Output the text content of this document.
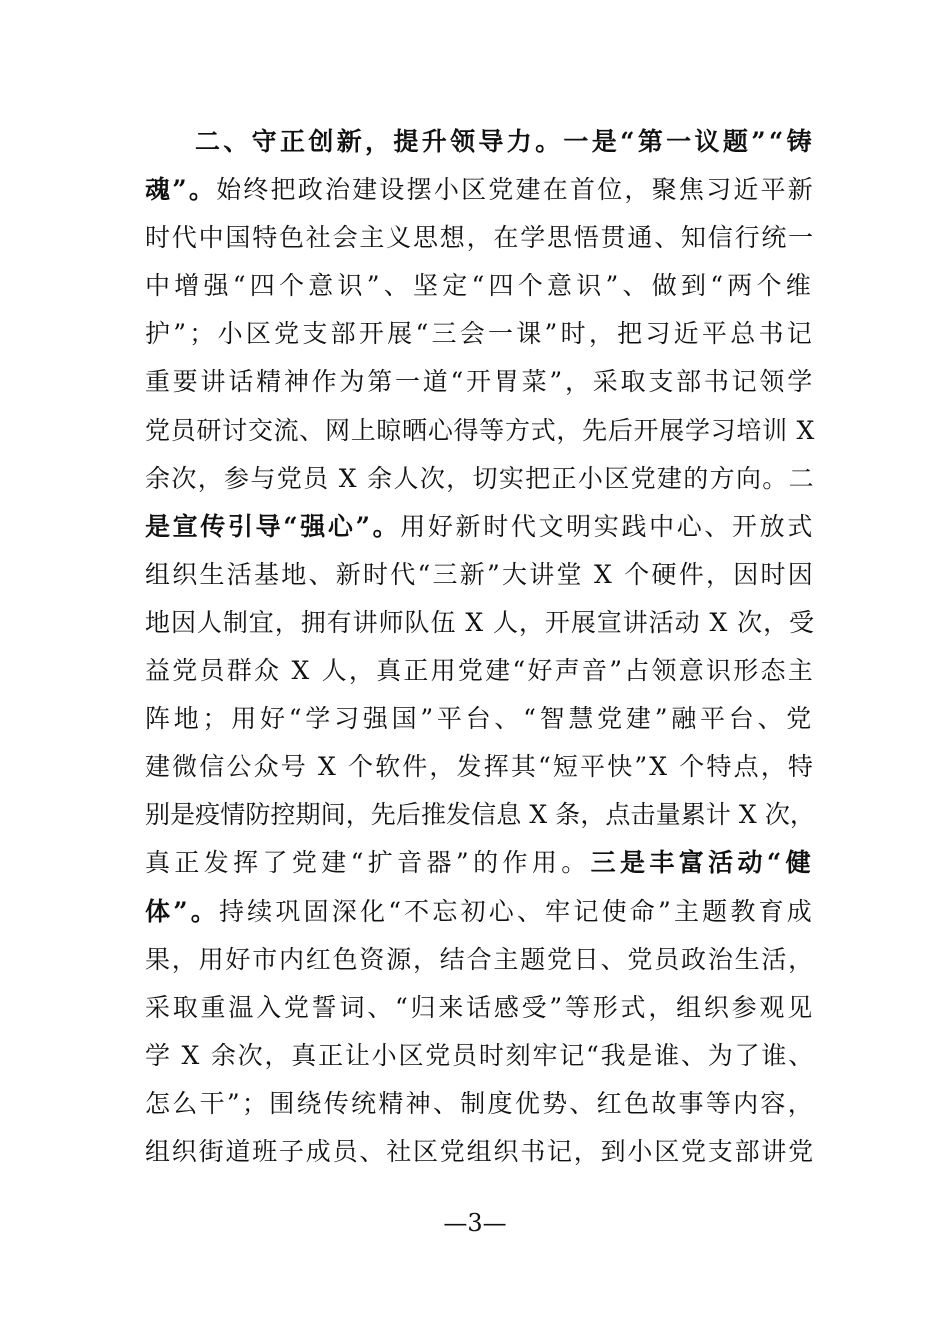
二、守正创新，提升领导力。一是“第一议题”“铸
魂”。始终把政治建设摆小区党建在首位，聚焦习近平新
时代中国特色社会主义思想，在学思悟贯通、知信行统一
中增强“四个意识”、坚定“四个意识”、做到“两个维
护”；小区党支部开展“三会一课”时，把习近平总书记
重要讲话精神作为第一道“开胃菜”，采取支部书记领学
党员研讨交流、网上晾晒心得等方式，先后开展学习培训 X
余次，参与党员 X 余人次，切实把正小区党建的方向。二
是宣传引导“强心”。用好新时代文明实践中心、开放式
组织生活基地、新时代“三新”大讲堂 X 个硬件，因时因
地因人制宜，拥有讲师队伍 X 人，开展宣讲活动 X 次，受
益党员群众 X 人，真正用党建“好声音”占领意识形态主
阵地；用好“学习强国”平台、“智慧党建”融平台、党
建微信公众号 X 个软件，发挥其“短平快”X 个特点，特
别是疫情防控期间，先后推发信息 X 条，点击量累计 X 次，
真正发挥了党建“扩音器”的作用。三是丰富活动“健
体”。持续巩固深化“不忘初心、牢记使命”主题教育成
果，用好市内红色资源，结合主题党日、党员政治生活，
采取重温入党誓词、“归来话感受”等形式，组织参观见
学 X 余次，真正让小区党员时刻牢记“我是谁、为了谁、
怎么干”；围绕传统精神、制度优势、红色故事等内容，
组织街道班子成员、社区党组织书记，到小区党支部讲党
—3—
